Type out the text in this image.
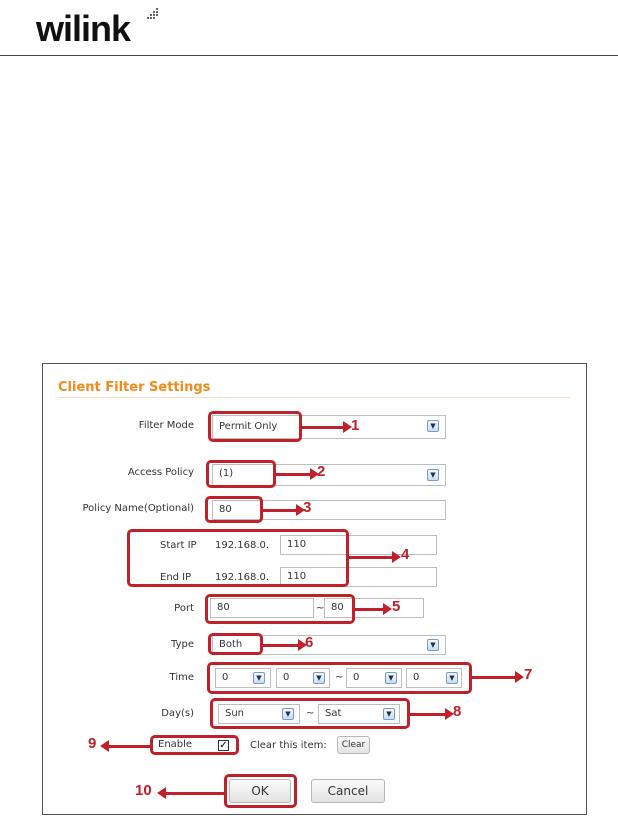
wilink
Client Filter Settings
Filter Mode	Permit Only	▼
Access Policy	(1)	▼
Policy Name(Optional)	80
Start IP 192.168.0.	110
End IP 192.168.0.	110
Port	80	~ 80
Type	Both	▼
Time	0	▼	0	▼	~ 0	▼	0	▼
Day(s)	Sun	▼	~	Sat	▼
Enable	✓ Clear this item:	Clear
OK	Cancel
1
2
3
4
5
6
7
8
9
10
